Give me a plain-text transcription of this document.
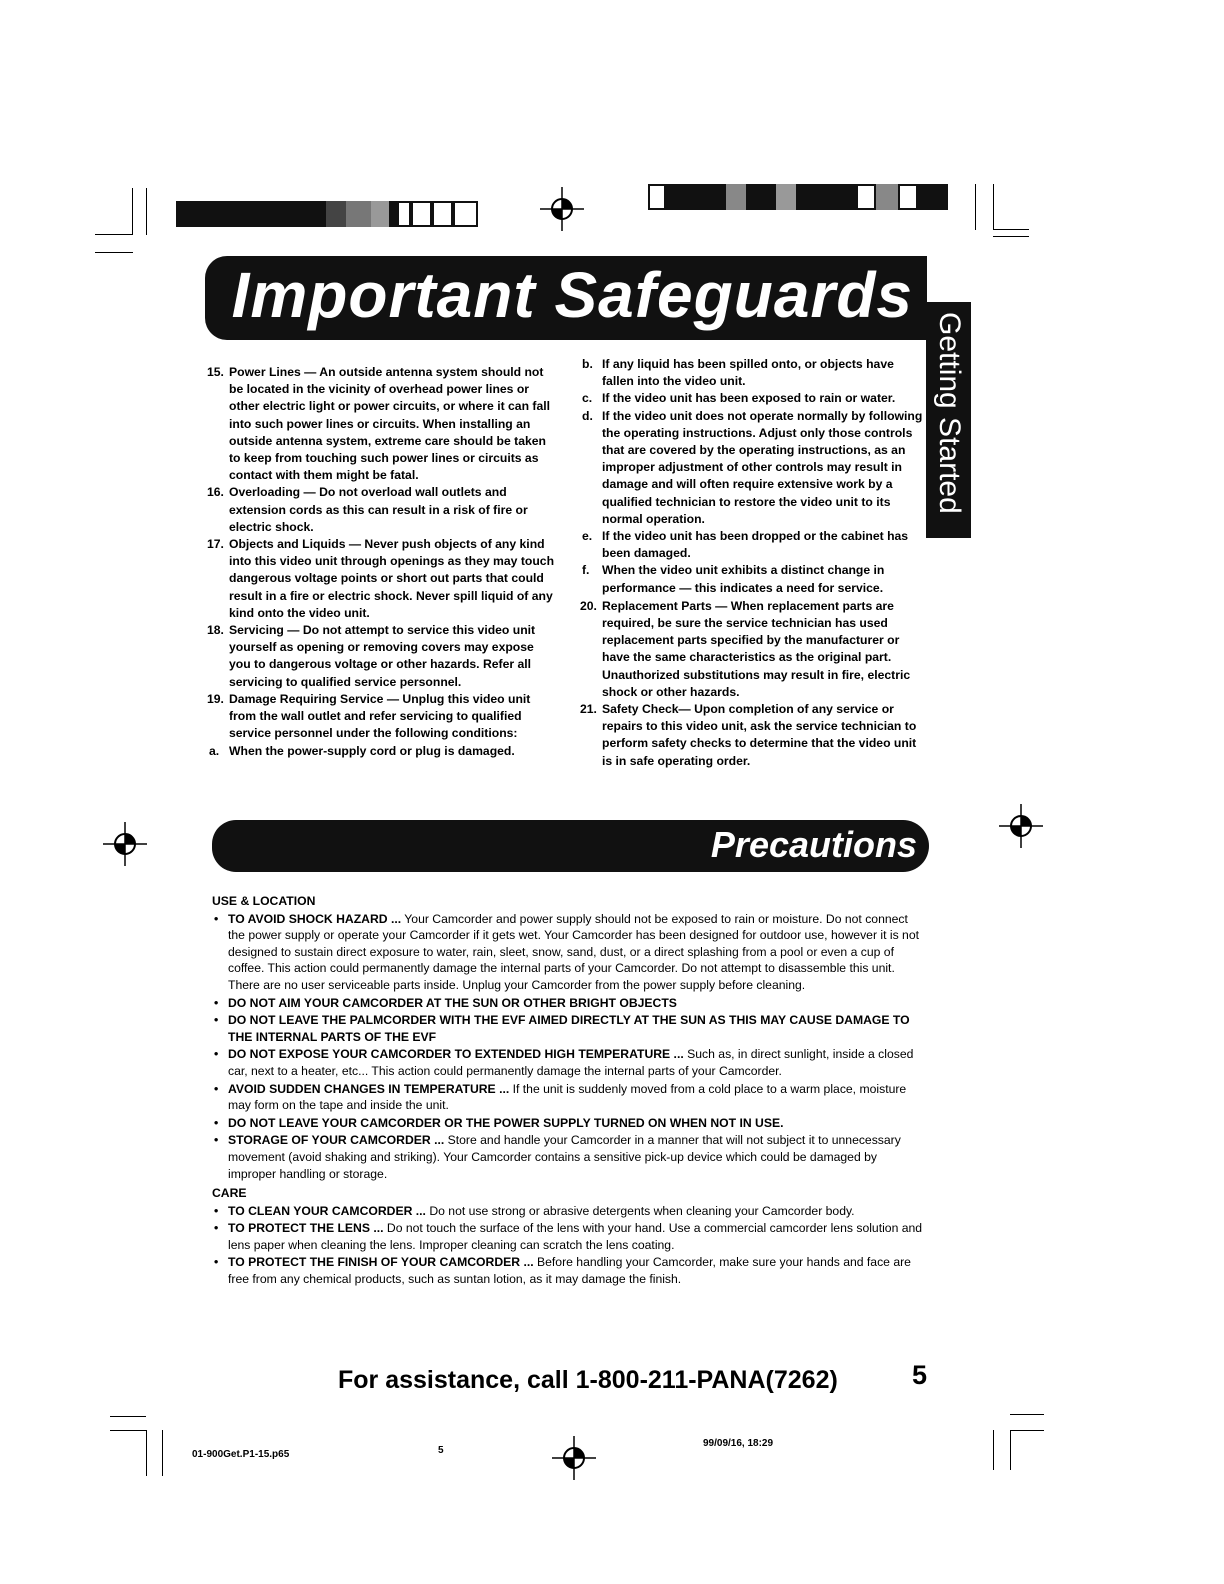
Important Safeguards
Getting Started
15. Power Lines — An outside antenna system should not be located in the vicinity of overhead power lines or other electric light or power circuits, or where it can fall into such power lines or circuits. When installing an outside antenna system, extreme care should be taken to keep from touching such power lines or circuits as contact with them might be fatal.
16. Overloading — Do not overload wall outlets and extension cords as this can result in a risk of fire or electric shock.
17. Objects and Liquids — Never push objects of any kind into this video unit through openings as they may touch dangerous voltage points or short out parts that could result in a fire or electric shock. Never spill liquid of any kind onto the video unit.
18. Servicing — Do not attempt to service this video unit yourself as opening or removing covers may expose you to dangerous voltage or other hazards. Refer all servicing to qualified service personnel.
19. Damage Requiring Service — Unplug this video unit from the wall outlet and refer servicing to qualified service personnel under the following conditions:
a. When the power-supply cord or plug is damaged.
b. If any liquid has been spilled onto, or objects have fallen into the video unit.
c. If the video unit has been exposed to rain or water.
d. If the video unit does not operate normally by following the operating instructions. Adjust only those controls that are covered by the operating instructions, as an improper adjustment of other controls may result in damage and will often require extensive work by a qualified technician to restore the video unit to its normal operation.
e. If the video unit has been dropped or the cabinet has been damaged.
f. When the video unit exhibits a distinct change in performance — this indicates a need for service.
20. Replacement Parts — When replacement parts are required, be sure the service technician has used replacement parts specified by the manufacturer or have the same characteristics as the original part. Unauthorized substitutions may result in fire, electric shock or other hazards.
21. Safety Check— Upon completion of any service or repairs to this video unit, ask the service technician to perform safety checks to determine that the video unit is in safe operating order.
Precautions
USE & LOCATION
• TO AVOID SHOCK HAZARD ... Your Camcorder and power supply should not be exposed to rain or moisture. Do not connect the power supply or operate your Camcorder if it gets wet. Your Camcorder has been designed for outdoor use, however it is not designed to sustain direct exposure to water, rain, sleet, snow, sand, dust, or a direct splashing from a pool or even a cup of coffee. This action could permanently damage the internal parts of your Camcorder. Do not attempt to disassemble this unit. There are no user serviceable parts inside. Unplug your Camcorder from the power supply before cleaning.
• DO NOT AIM YOUR CAMCORDER AT THE SUN OR OTHER BRIGHT OBJECTS
• DO NOT LEAVE THE PALMCORDER WITH THE EVF AIMED DIRECTLY AT THE SUN AS THIS MAY CAUSE DAMAGE TO THE INTERNAL PARTS OF THE EVF
• DO NOT EXPOSE YOUR CAMCORDER TO EXTENDED HIGH TEMPERATURE ... Such as, in direct sunlight, inside a closed car, next to a heater, etc... This action could permanently damage the internal parts of your Camcorder.
• AVOID SUDDEN CHANGES IN TEMPERATURE ... If the unit is suddenly moved from a cold place to a warm place, moisture may form on the tape and inside the unit.
• DO NOT LEAVE YOUR CAMCORDER OR THE POWER SUPPLY TURNED ON WHEN NOT IN USE.
• STORAGE OF YOUR CAMCORDER ... Store and handle your Camcorder in a manner that will not subject it to unnecessary movement (avoid shaking and striking). Your Camcorder contains a sensitive pick-up device which could be damaged by improper handling or storage.
CARE
• TO CLEAN YOUR CAMCORDER ... Do not use strong or abrasive detergents when cleaning your Camcorder body.
• TO PROTECT THE LENS ... Do not touch the surface of the lens with your hand. Use a commercial camcorder lens solution and lens paper when cleaning the lens. Improper cleaning can scratch the lens coating.
• TO PROTECT THE FINISH OF YOUR CAMCORDER ... Before handling your Camcorder, make sure your hands and face are free from any chemical products, such as suntan lotion, as it may damage the finish.
For assistance, call 1-800-211-PANA(7262)	5
01-900Get.P1-15.p65	5
99/09/16, 18:29
